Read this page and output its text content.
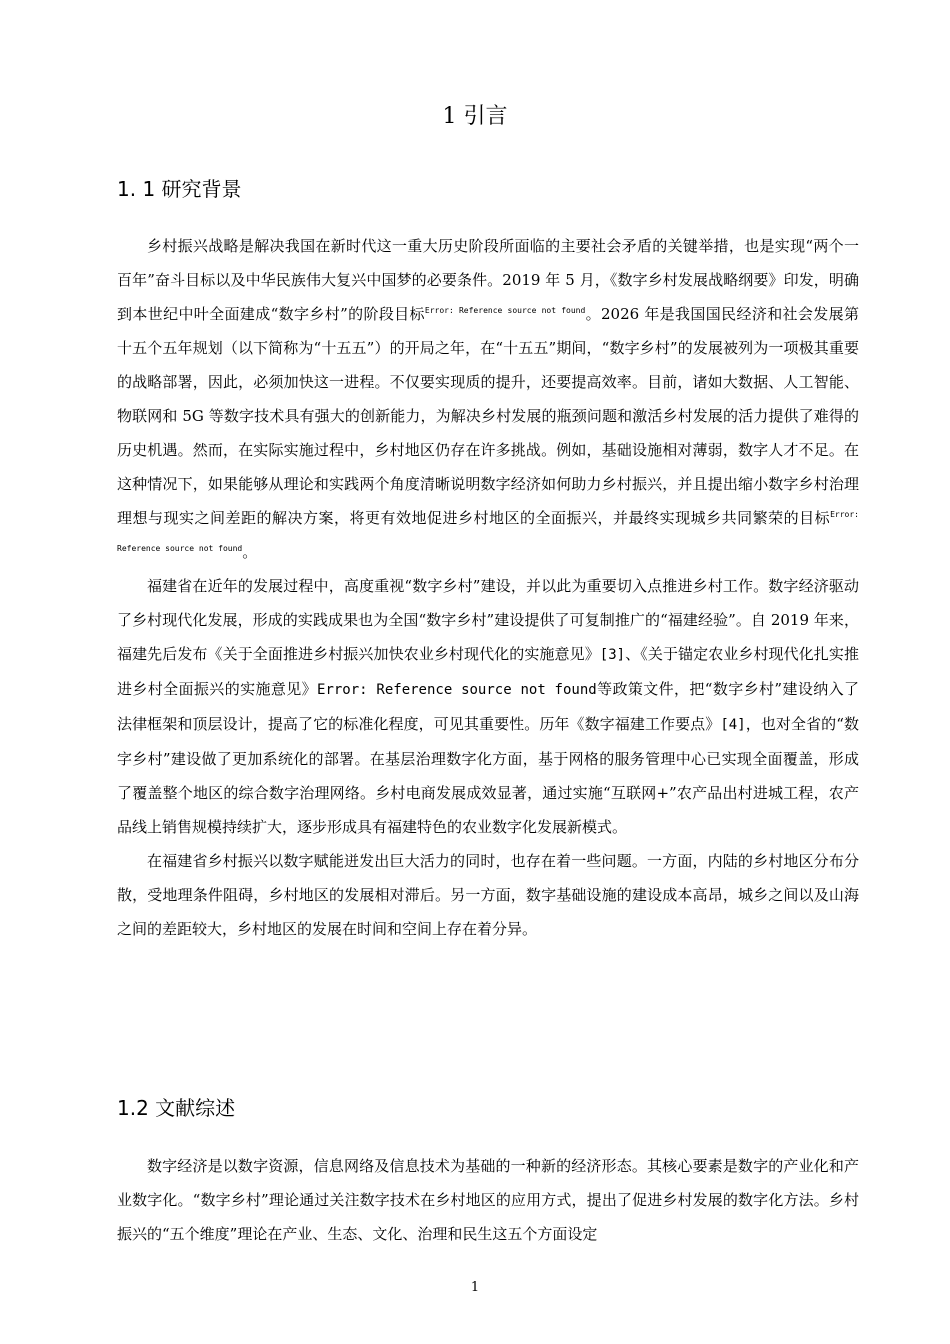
1 引言
1. 1 研究背景

乡村振兴战略是解决我国在新时代这一重大历史阶段所面临的主要社会矛盾的关键举措，也是实现“两个一百年”奋斗目标以及中华民族伟大复兴中国梦的必要条件。2019 年 5 月，《数字乡村发展战略纲要》印发，明确到本世纪中叶全面建成“数字乡村”的阶段目标$^{Error: Reference source not found}$。2026 年是我国国民经济和社会发展第十五个五年规划（以下简称为“十五五”）的开局之年，在“十五五”期间，“数字乡村”的发展被列为一项极其重要的战略部署，因此，必须加快这一进程。不仅要实现质的提升，还要提高效率。目前，诸如大数据、人工智能、物联网和 5G 等数字技术具有强大的创新能力，为解决乡村发展的瓶颈问题和激活乡村发展的活力提供了难得的历史机遇。然而，在实际实施过程中，乡村地区仍存在许多挑战。例如，基础设施相对薄弱，数字人才不足。在这种情况下，如果能够从理论和实践两个角度清晰说明数字经济如何助力乡村振兴，并且提出缩小数字乡村治理理想与现实之间差距的解决方案，将更有效地促进乡村地区的全面振兴，并最终实现城乡共同繁荣的目标$^{Error: Reference source not found}$。

福建省在近年的发展过程中，高度重视“数字乡村”建设，并以此为重要切入点推进乡村工作。数字经济驱动了乡村现代化发展，形成的实践成果也为全国“数字乡村”建设提供了可复制推广的“福建经验”。自 2019 年来，福建先后发布《关于全面推进乡村振兴加快农业乡村现代化的实施意见》[3]、《关于锚定农业乡村现代化扎实推进乡村全面振兴的实施意见》Error: Reference source not found等政策文件，把“数字乡村”建设纳入了法律框架和顶层设计，提高了它的标准化程度，可见其重要性。历年《数字福建工作要点》[4]，也对全省的“数字乡村”建设做了更加系统化的部署。在基层治理数字化方面，基于网格的服务管理中心已实现全面覆盖，形成了覆盖整个地区的综合数字治理网络。乡村电商发展成效显著，通过实施“互联网+”农产品出村进城工程，农产品线上销售规模持续扩大，逐步形成具有福建特色的农业数字化发展新模式。

在福建省乡村振兴以数字赋能迸发出巨大活力的同时，也存在着一些问题。一方面，内陆的乡村地区分布分散，受地理条件阻碍，乡村地区的发展相对滞后。另一方面，数字基础设施的建设成本高昂，城乡之间以及山海之间的差距较大，乡村地区的发展在时间和空间上存在着分异。

1.2 文献综述

数字经济是以数字资源，信息网络及信息技术为基础的一种新的经济形态。其核心要素是数字的产业化和产业数字化。“数字乡村”理论通过关注数字技术在乡村地区的应用方式，提出了促进乡村发展的数字化方法。乡村振兴的“五个维度”理论在产业、生态、文化、治理和民生这五个方面设定

1
